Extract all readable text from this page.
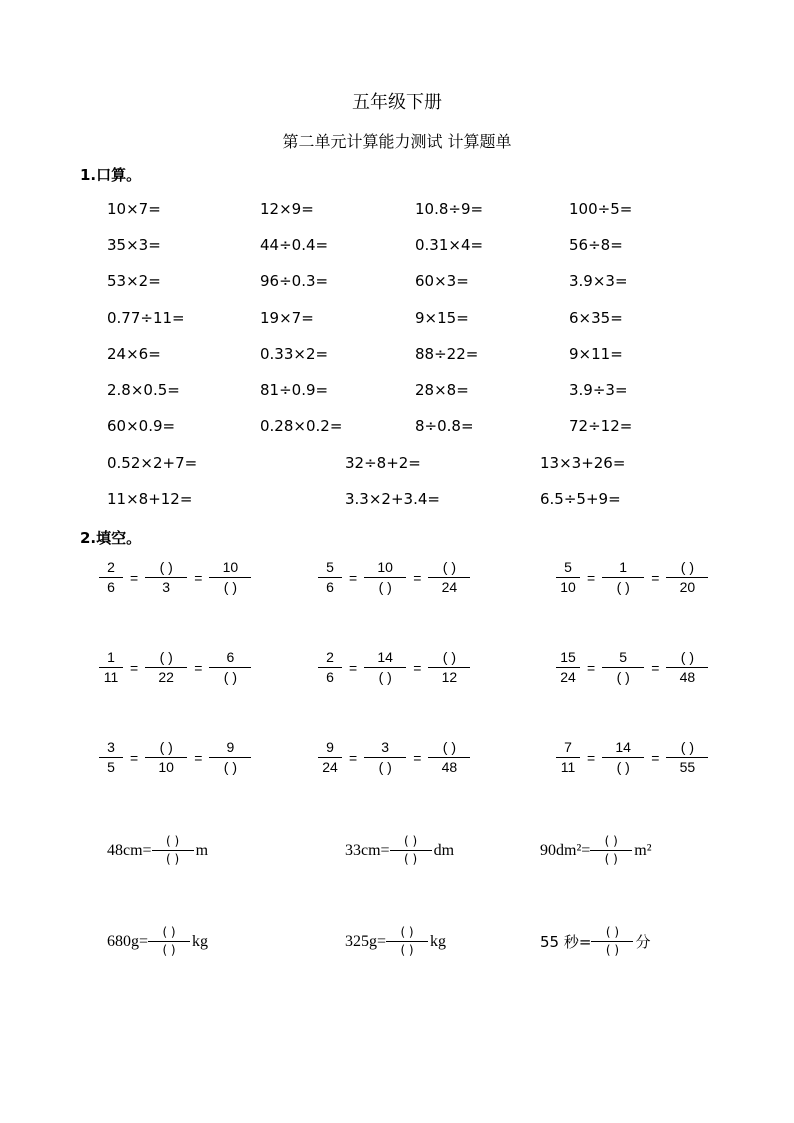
五年级下册
第二单元计算能力测试 计算题单
1.口算。
2.填空。
10×7=	12×9=	10.8÷9=	100÷5=
35×3=	44÷0.4=	0.31×4=	56÷8=
53×2=	96÷0.3=	60×3=	3.9×3=
0.77÷11=	19×7=	9×15=	6×35=
24×6=	0.33×2=	88÷22=	9×11=
2.8×0.5=	81÷0.9=	28×8=	3.9÷3=
60×0.9=	0.28×0.2=	8÷0.8=	72÷12=
0.52×2+7=	32÷8+2=	13×3+26=
11×8+12=	3.3×2+3.4=	6.5÷5+9=
$\frac{2}{6} = \frac{( )}{3} = \frac{10}{( )}$	$\frac{5}{6} = \frac{10}{( )} = \frac{( )}{24}$	$\frac{5}{10} = \frac{1}{( )} = \frac{( )}{20}$
$\frac{1}{11} = \frac{( )}{22} = \frac{6}{( )}$	$\frac{2}{6} = \frac{14}{( )} = \frac{( )}{12}$	$\frac{15}{24} = \frac{5}{( )} = \frac{( )}{48}$
$\frac{3}{5} = \frac{( )}{10} = \frac{9}{( )}$	$\frac{9}{24} = \frac{3}{( )} = \frac{( )}{48}$	$\frac{7}{11} = \frac{14}{( )} = \frac{( )}{55}$
$48cm= \frac{( )}{( )}$ m	$33cm= \frac{( )}{( )}$ dm	$90dm^2= \frac{( )}{( )} m^2$
$680g= \frac{( )}{( )}$ kg	$325g= \frac{( )}{( )}$ kg	55 秒= $\frac{( )}{( )}$ 分
